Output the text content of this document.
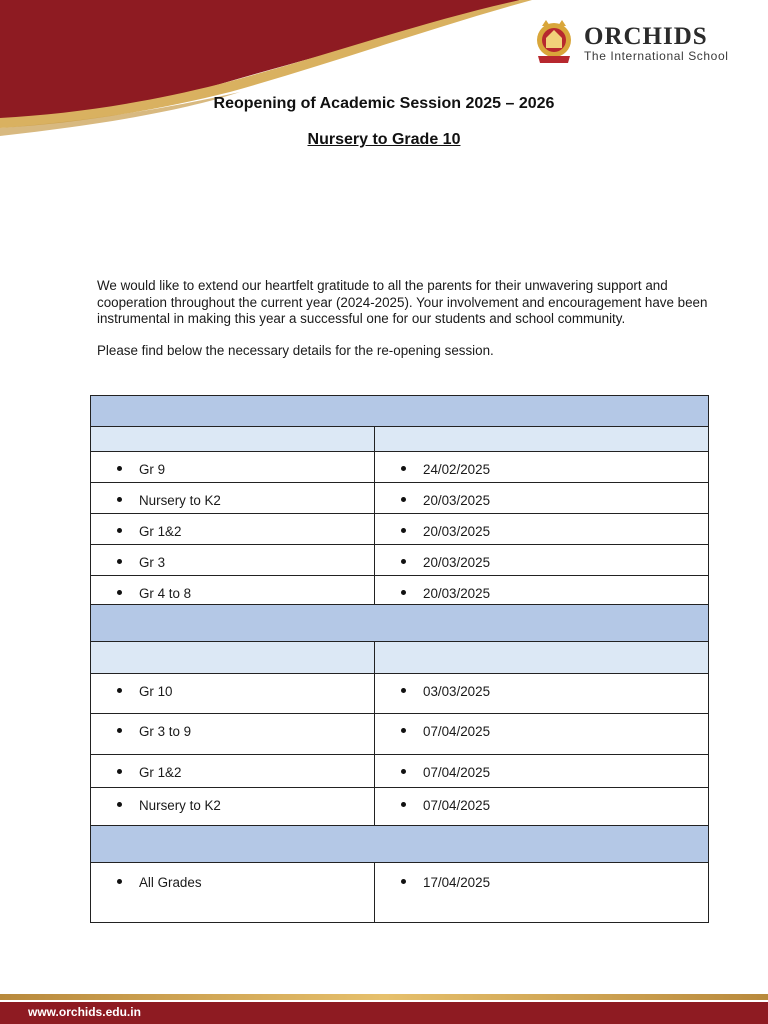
ORCHIDS
The International School
Reopening of Academic Session 2025 – 2026
Nursery to Grade 10
We would like to extend our heartfelt gratitude to all the parents for their unwavering support and cooperation throughout the current year (2024-2025). Your involvement and encouragement have been instrumental in making this year a successful one for our students and school community.
Please find below the necessary details for the re-opening session.

Gr 9	24/02/2025

Nursery to K2	20/03/2025

Gr 1&2	20/03/2025

Gr 3	20/03/2025

Gr 4 to 8	20/03/2025

Gr 10	03/03/2025

Gr 3 to 9	07/04/2025

Gr 1&2	07/04/2025

Nursery to K2	07/04/2025

All Grades	17/04/2025
www.orchids.edu.in
